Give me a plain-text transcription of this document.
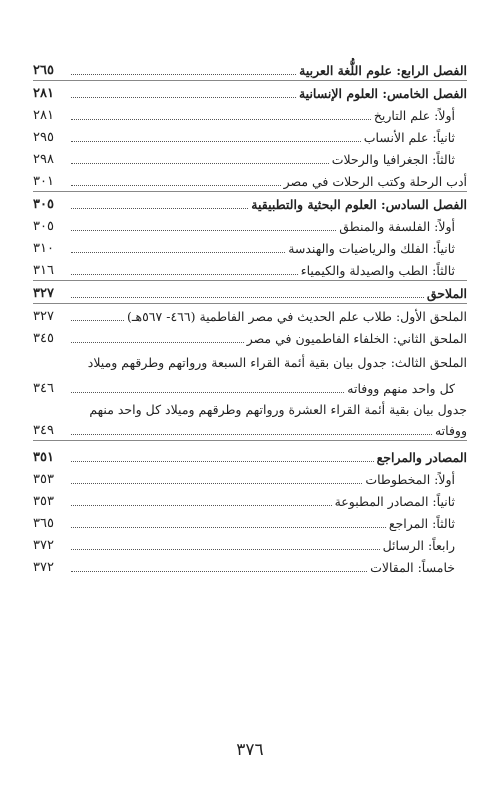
الفصل الرابع: علوم اللُّغة العربية
٢٦٥
الفصل الخامس: العلوم الإنسانية
٢٨١
أولاً: علم التاريخ
٢٨١
ثانياً: علم الأنساب
٢٩٥
ثالثاً: الجغرافيا والرحلات
٢٩٨
أدب الرحلة وكتب الرحلات في مصر
٣٠١
الفصل السادس: العلوم البحثية والتطبيقية
٣٠٥
أولاً: الفلسفة والمنطق
٣٠٥
ثانياً: الفلك والرياضيات والهندسة
٣١٠
ثالثاً: الطب والصيدلة والكيمياء
٣١٦
الملاحق
٣٢٧
الملحق الأول: طلاب علم الحديث في مصر الفاطمية (٤٦٦- ٥٦٧هـ)
٣٢٧
الملحق الثاني: الخلفاء الفاطميون في مصر
٣٤٥
الملحق الثالث: جدول بيان بقية أئمة القراء السبعة ورواتهم وطرقهم وميلاد
كل واحد منهم ووفاته
٣٤٦
جدول بيان بقية أئمة القراء العشرة ورواتهم وطرقهم وميلاد كل واحد منهم
ووفاته
٣٤٩
المصادر والمراجع
٣٥١
أولاً: المخطوطات
٣٥٣
ثانياً: المصادر المطبوعة
٣٥٣
ثالثاً: المراجع
٣٦٥
رابعاً: الرسائل
٣٧٢
خامساً: المقالات
٣٧٢
٣٧٦
